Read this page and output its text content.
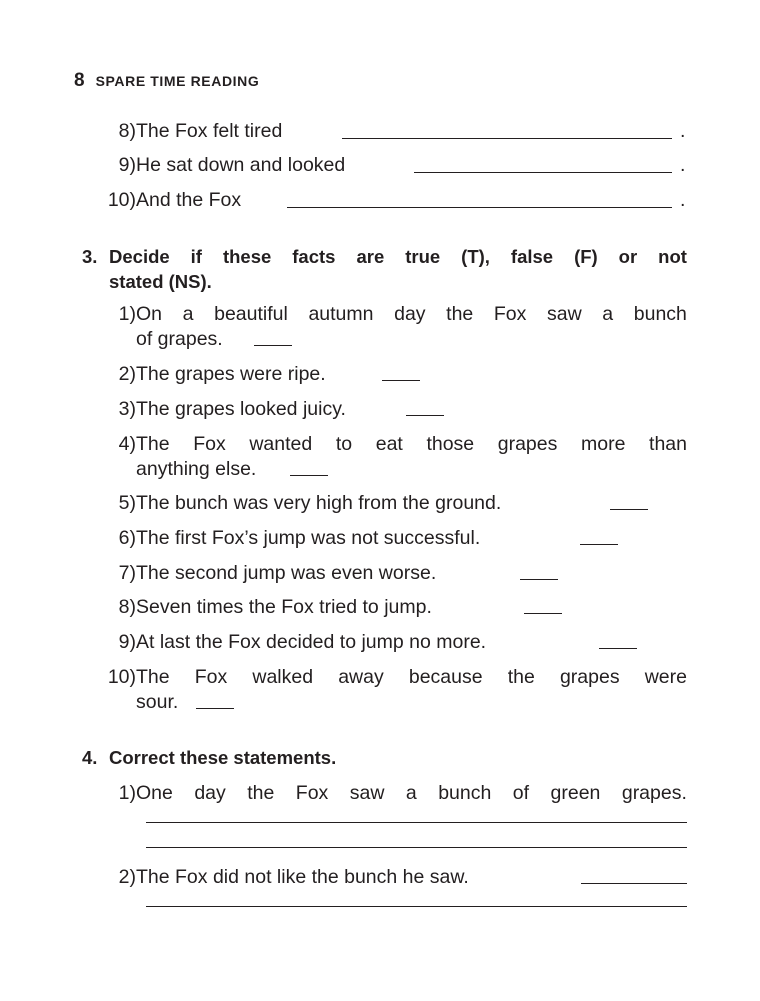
8 SPARE TIME READING
8) The Fox felt tired	.
9) He sat down and looked	.
10) And the Fox	.
3. Decide if these facts are true (T), false (F) or not
stated (NS).
1) On a beautiful autumn day the Fox saw a bunch
of grapes.
2) The grapes were ripe.
3) The grapes looked juicy.
4) The Fox wanted to eat those grapes more than
anything else.
5) The bunch was very high from the ground.
6) The first Fox’s jump was not successful.
7) The second jump was even worse.
8) Seven times the Fox tried to jump.
9) At last the Fox decided to jump no more.
10) The Fox walked away because the grapes were
sour.
4. Correct these statements.
1) One day the Fox saw a bunch of green grapes.
2) The Fox did not like the bunch he saw.
